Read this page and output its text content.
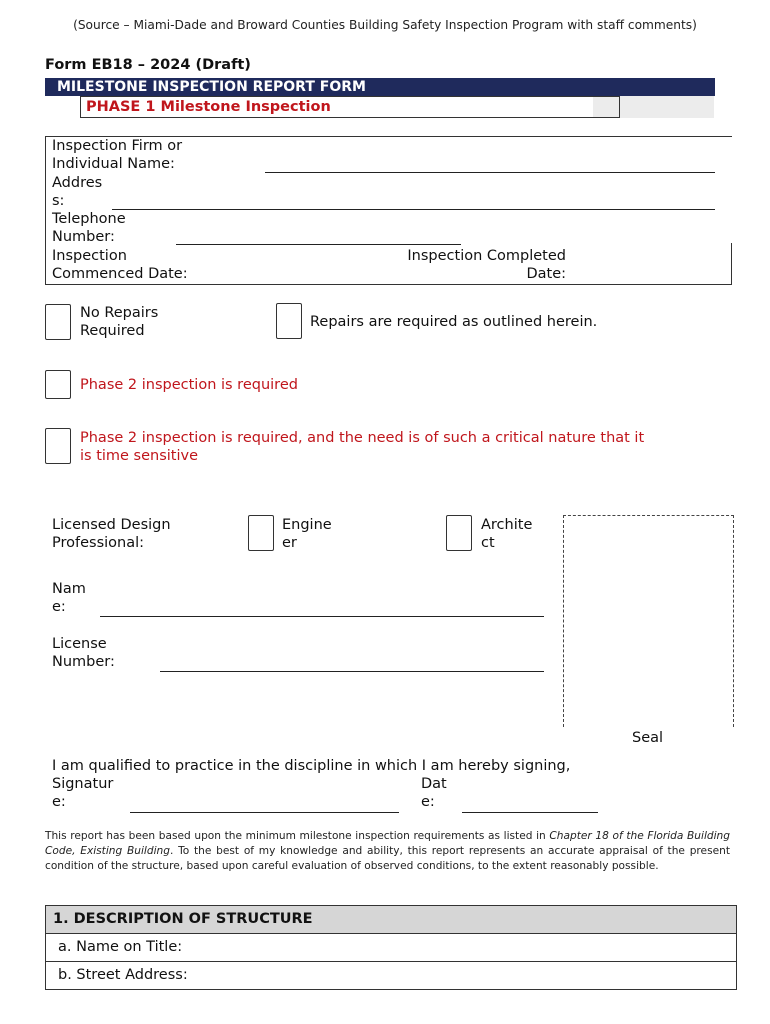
(Source – Miami-Dade and Broward Counties Building Safety Inspection Program with staff comments)
Form EB18 – 2024 (Draft)
MILESTONE INSPECTION REPORT FORM
PHASE 1 Milestone Inspection
Inspection Firm or
Individual Name:
Addres
s:
Telephone
Number:
Inspection
Commenced Date:
Inspection Completed
Date:
No Repairs
Required
Repairs are required as outlined herein.
Phase 2 inspection is required
Phase 2 inspection is required, and the need is of such a critical nature that it
is time sensitive
Licensed Design
Professional:
Engine
er
Archite
ct
Seal
Nam
e:
License
Number:
I am qualified to practice in the discipline in which I am hereby signing,
Signatur
e:
Dat
e:
This report has been based upon the minimum milestone inspection requirements as listed in Chapter 18 of the Florida Building Code, Existing Building. To the best of my knowledge and ability, this report represents an accurate appraisal of the present condition of the structure, based upon careful evaluation of observed conditions, to the extent reasonably possible.
1. DESCRIPTION OF STRUCTURE
a. Name on Title:
b. Street Address:
